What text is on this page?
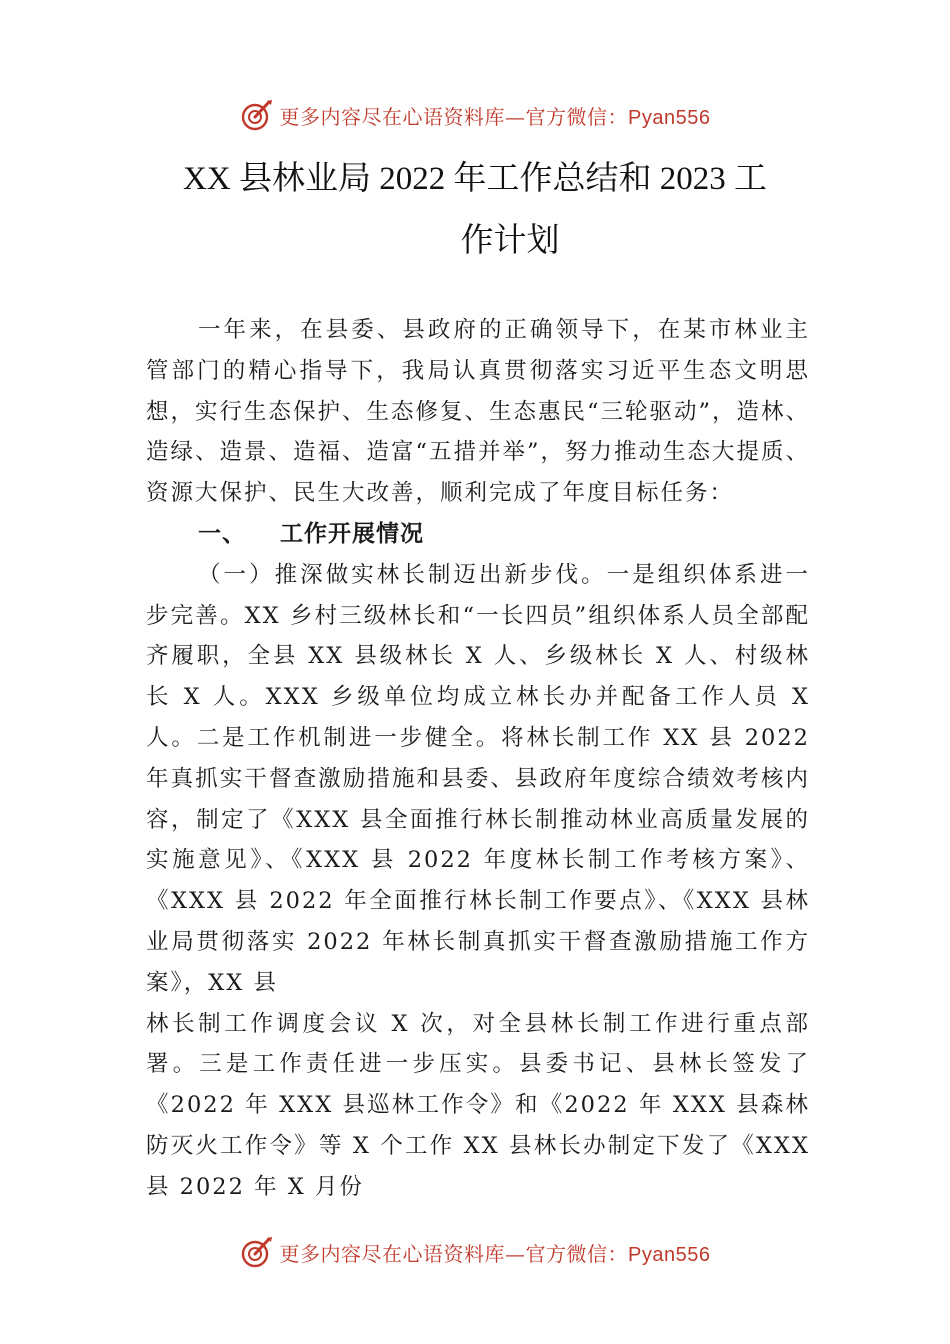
更多内容尽在心语资料库—官方微信：Pyan556
XX 县林业局 2022 年工作总结和 2023 工
作计划

一年来，在县委、县政府的正确领导下，在某市林业主管部门的精心指导下，我局认真贯彻落实习近平生态文明思想，实行生态保护、生态修复、生态惠民“三轮驱动”，造林、造绿、造景、造福、造富“五措并举”，努力推动生态大提质、资源大保护、民生大改善，顺利完成了年度目标任务：

一、 工作开展情况

（一）推深做实林长制迈出新步伐。一是组织体系进一步完善。XX 乡村三级林长和“一长四员”组织体系人员全部配齐履职，全县 XX 县级林长 X 人、乡级林长 X 人、村级林长 X 人。XXX 乡级单位均成立林长办并配备工作人员 X 人。二是工作机制进一步健全。将林长制工作 XX 县 2022 年真抓实干督查激励措施和县委、县政府年度综合绩效考核内容，制定了《XXX 县全面推行林长制推动林业高质量发展的实施意见》、《XXX 县 2022 年度林长制工作考核方案》、《XXX 县 2022 年全面推行林长制工作要点》、《XXX 县林业局贯彻落实 2022 年林长制真抓实干督查激励措施工作方案》，XX 县

林长制工作调度会议 X 次，对全县林长制工作进行重点部署。三是工作责任进一步压实。县委书记、县林长签发了《2022 年 XXX 县巡林工作令》和《2022 年 XXX 县森林防灭火工作令》等 X 个工作 XX 县林长办制定下发了《XXX 县 2022 年 X 月份

更多内容尽在心语资料库—官方微信：Pyan556
